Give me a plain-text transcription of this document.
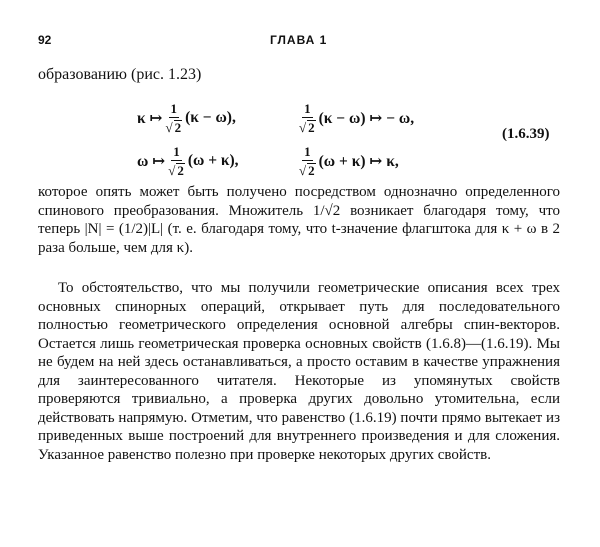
92	ГЛАВА 1
образованию (рис. 1.23)
κ ↦ $\frac{1}{√ 2} (\kappa - \omega)$,	$\frac{1}{√ 2} (\kappa - \omega)$ ↦ − ω,
ω ↦ $\frac{1}{√ 2} (\omega + \kappa)$,	$\frac{1}{√ 2} (\omega + \kappa)$ ↦ κ,
(1.6.39)

которое опять может быть получено посредством однозначно определенного спинового преобразования. Множитель 1/√2 возникает благодаря тому, что теперь |N| = (1/2)|L| (т. е. благодаря тому, что t-значение флагштока для κ + ω в 2 раза больше, чем для κ).

То обстоятельство, что мы получили геометрические описания всех трех основных спинорных операций, открывает путь для последовательного полностью геометрического определения основной алгебры спин-векторов. Остается лишь геометрическая проверка основных свойств (1.6.8)—(1.6.19). Мы не будем на ней здесь останавливаться, а просто оставим в качестве упражнения для заинтересованного читателя. Некоторые из упомянутых свойств проверяются тривиально, а проверка других довольно утомительна, если действовать напрямую. Отметим, что равенство (1.6.19) почти прямо вытекает из приведенных выше построений для внутреннего произведения и для сложения. Указанное равенство полезно при проверке некоторых других свойств.
